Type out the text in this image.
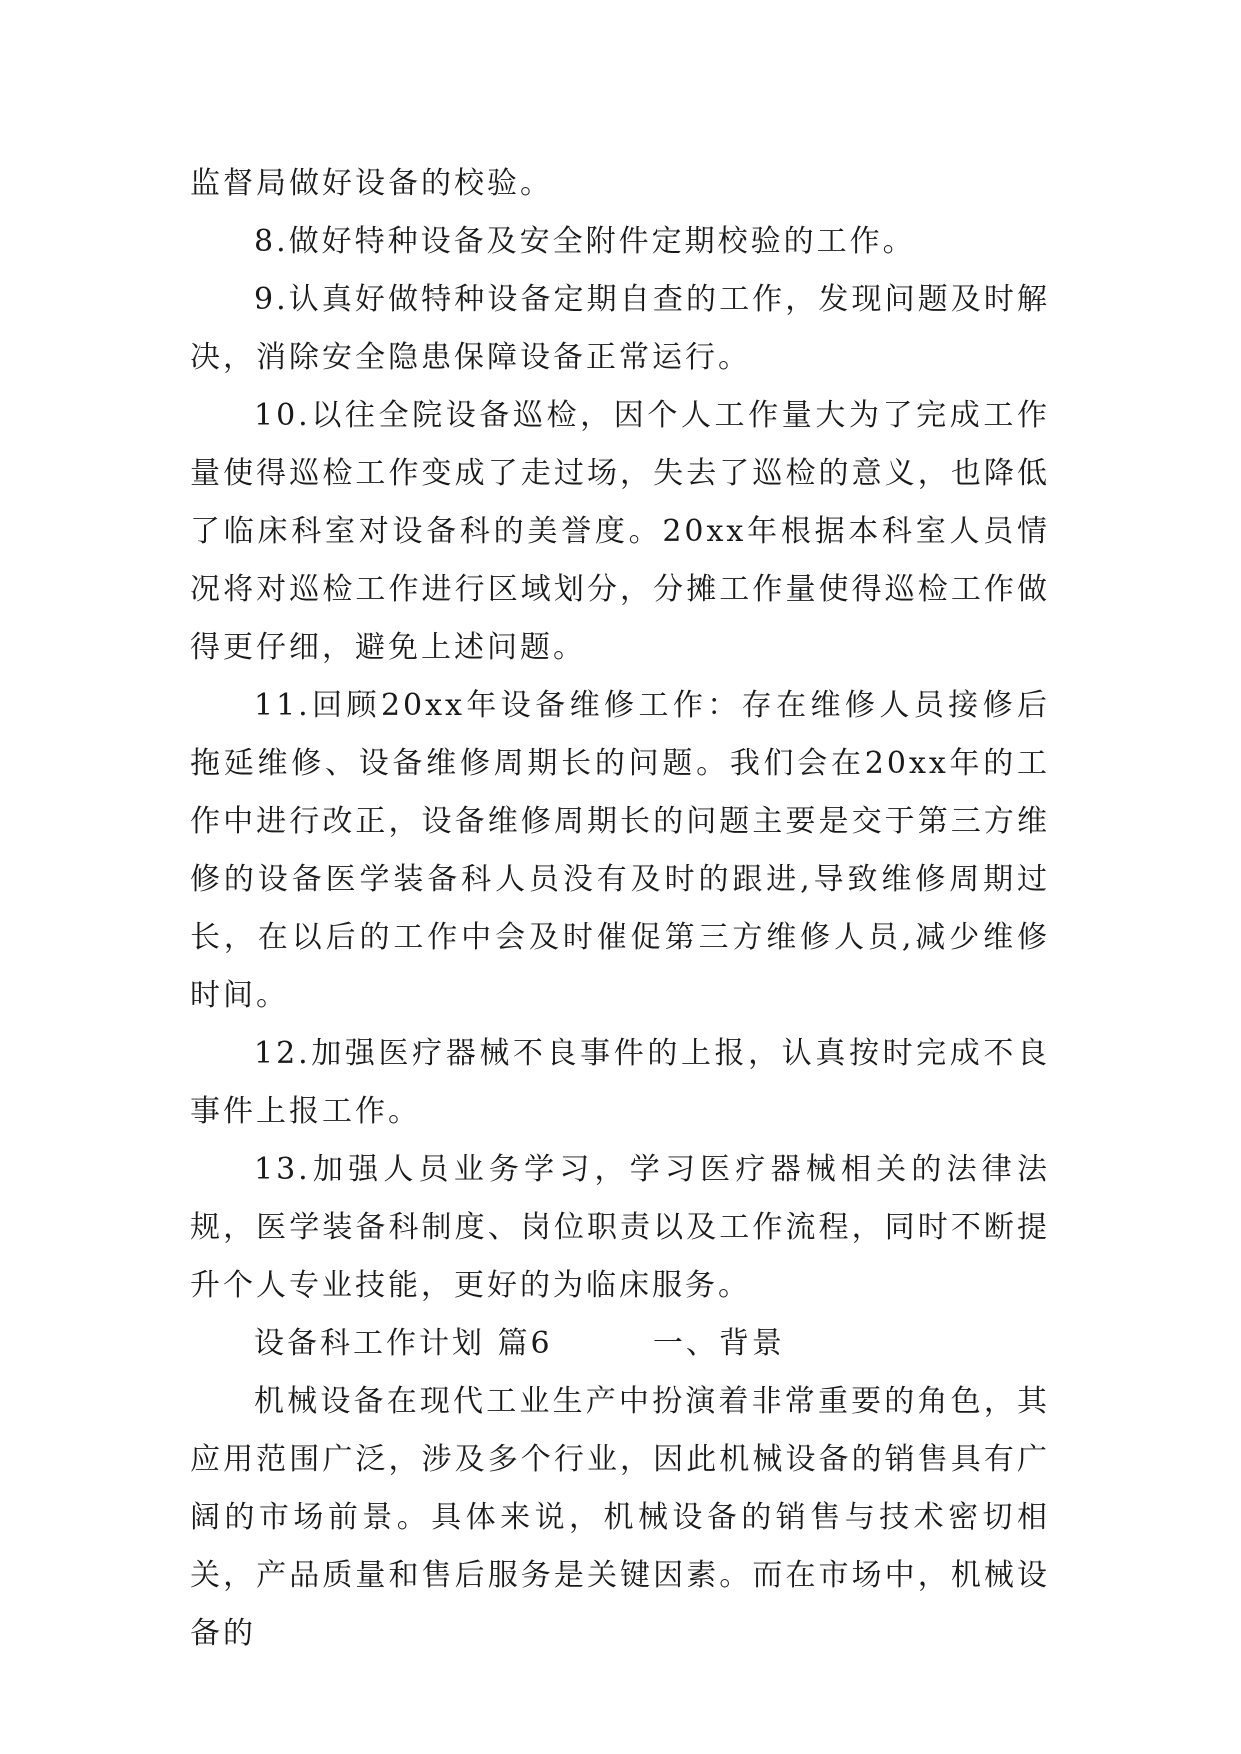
监督局做好设备的校验。

8.做好特种设备及安全附件定期校验的工作。

9.认真好做特种设备定期自查的工作，发现问题及时解决，消除安全隐患保障设备正常运行。

10.以往全院设备巡检，因个人工作量大为了完成工作量使得巡检工作变成了走过场，失去了巡检的意义，也降低了临床科室对设备科的美誉度。20xx年根据本科室人员情况将对巡检工作进行区域划分，分摊工作量使得巡检工作做得更仔细，避免上述问题。

11.回顾20xx年设备维修工作：存在维修人员接修后拖延维修、设备维修周期长的问题。我们会在20xx年的工作中进行改正，设备维修周期长的问题主要是交于第三方维修的设备医学装备科人员没有及时的跟进,导致维修周期过长，在以后的工作中会及时催促第三方维修人员,减少维修时间。

12.加强医疗器械不良事件的上报，认真按时完成不良事件上报工作。

13.加强人员业务学习，学习医疗器械相关的法律法规，医学装备科制度、岗位职责以及工作流程，同时不断提升个人专业技能，更好的为临床服务。

设备科工作计划 篇6	一、背景

机械设备在现代工业生产中扮演着非常重要的角色，其应用范围广泛，涉及多个行业，因此机械设备的销售具有广阔的市场前景。具体来说，机械设备的销售与技术密切相关，产品质量和售后服务是关键因素。而在市场中，机械设备的
